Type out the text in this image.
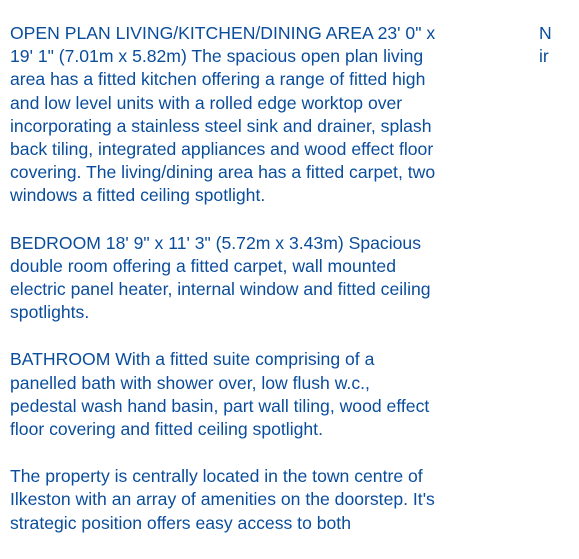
OPEN PLAN LIVING/KITCHEN/DINING AREA 23' 0" x
19' 1" (7.01m x 5.82m) The spacious open plan living
area has a fitted kitchen offering a range of fitted high
and low level units with a rolled edge worktop over
incorporating a stainless steel sink and drainer, splash
back tiling, integrated appliances and wood effect floor
covering. The living/dining area has a fitted carpet, two
windows a fitted ceiling spotlight.
BEDROOM 18' 9" x 11' 3" (5.72m x 3.43m) Spacious
double room offering a fitted carpet, wall mounted
electric panel heater, internal window and fitted ceiling
spotlights.
BATHROOM With a fitted suite comprising of a
panelled bath with shower over, low flush w.c.,
pedestal wash hand basin, part wall tiling, wood effect
floor covering and fitted ceiling spotlight.
The property is centrally located in the town centre of
Ilkeston with an array of amenities on the doorstep. It's
strategic position offers easy access to both
N
ir
